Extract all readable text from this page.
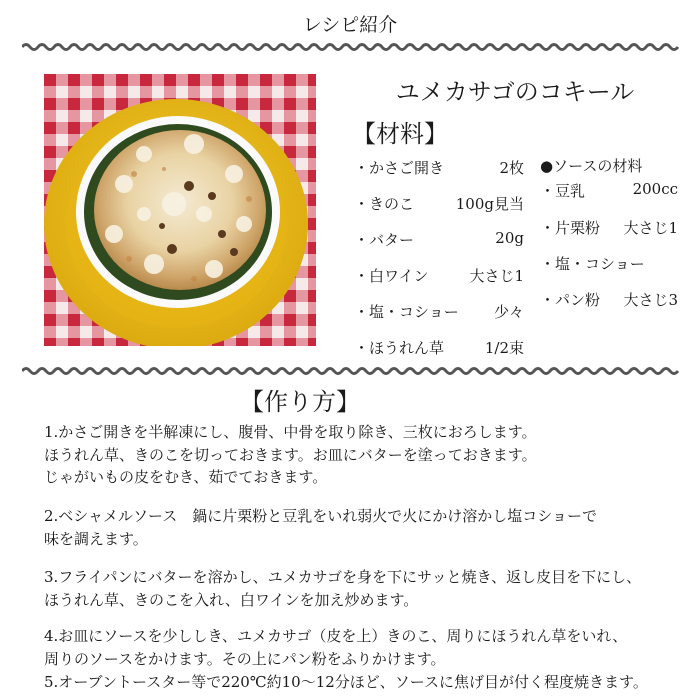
レシピ紹介
ユメカサゴのコキール
【材料】
・かさご開き	2枚
・きのこ	100g見当
・バター	20g
・白ワイン	大さじ1
・塩・コショー 少々
・ほうれん草	1/2束
●ソースの材料
・豆乳	200cc
・片栗粉 大さじ1
・塩・コショー
・パン粉 大さじ3
【作り方】
1.かさご開きを半解凍にし、腹骨、中骨を取り除き、三枚におろします。
ほうれん草、きのこを切っておきます。お皿にバターを塗っておきます。
じゃがいもの皮をむき、茹でておきます。
2.ベシャメルソース　鍋に片栗粉と豆乳をいれ弱火で火にかけ溶かし塩コショーで
味を調えます。
3.フライパンにバターを溶かし、ユメカサゴを身を下にサッと焼き、返し皮目を下にし、
ほうれん草、きのこを入れ、白ワインを加え炒めます。
4.お皿にソースを少ししき、ユメカサゴ（皮を上）きのこ、周りにほうれん草をいれ、
周りのソースをかけます。その上にパン粉をふりかけます。
5.オーブントースター等で220℃約10～12分ほど、ソースに焦げ目が付く程度焼きます。
